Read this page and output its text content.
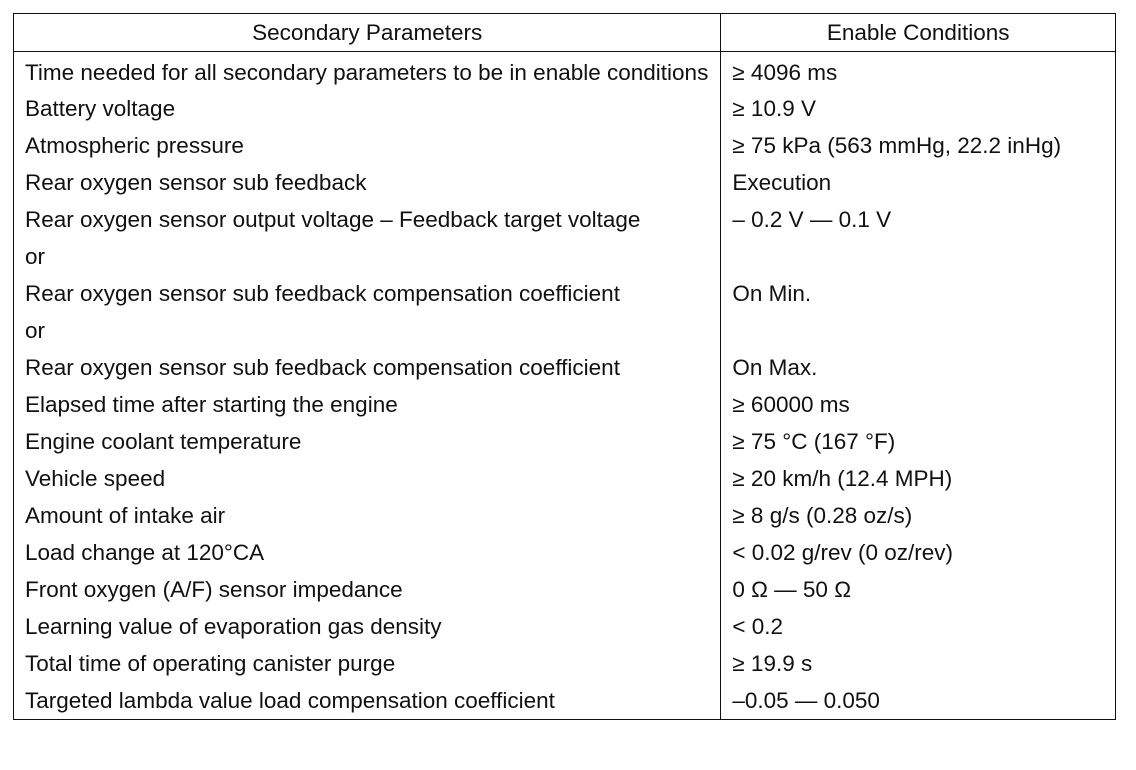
Secondary Parameters	Enable Conditions

Time needed for all secondary parameters to be in enable conditions	≥ 4096 ms

Battery voltage	≥ 10.9 V

Atmospheric pressure	≥ 75 kPa (563 mmHg, 22.2 inHg)

Rear oxygen sensor sub feedback	Execution

Rear oxygen sensor output voltage – Feedback target voltage	– 0.2 V — 0.1 V

or	

Rear oxygen sensor sub feedback compensation coefficient	On Min.

or	

Rear oxygen sensor sub feedback compensation coefficient	On Max.

Elapsed time after starting the engine	≥ 60000 ms

Engine coolant temperature	≥ 75 °C (167 °F)

Vehicle speed	≥ 20 km/h (12.4 MPH)

Amount of intake air	≥ 8 g/s (0.28 oz/s)

Load change at 120°CA	< 0.02 g/rev (0 oz/rev)

Front oxygen (A/F) sensor impedance	0 Ω — 50 Ω

Learning value of evaporation gas density	< 0.2

Total time of operating canister purge	≥ 19.9 s

Targeted lambda value load compensation coefficient	–0.05 — 0.050
